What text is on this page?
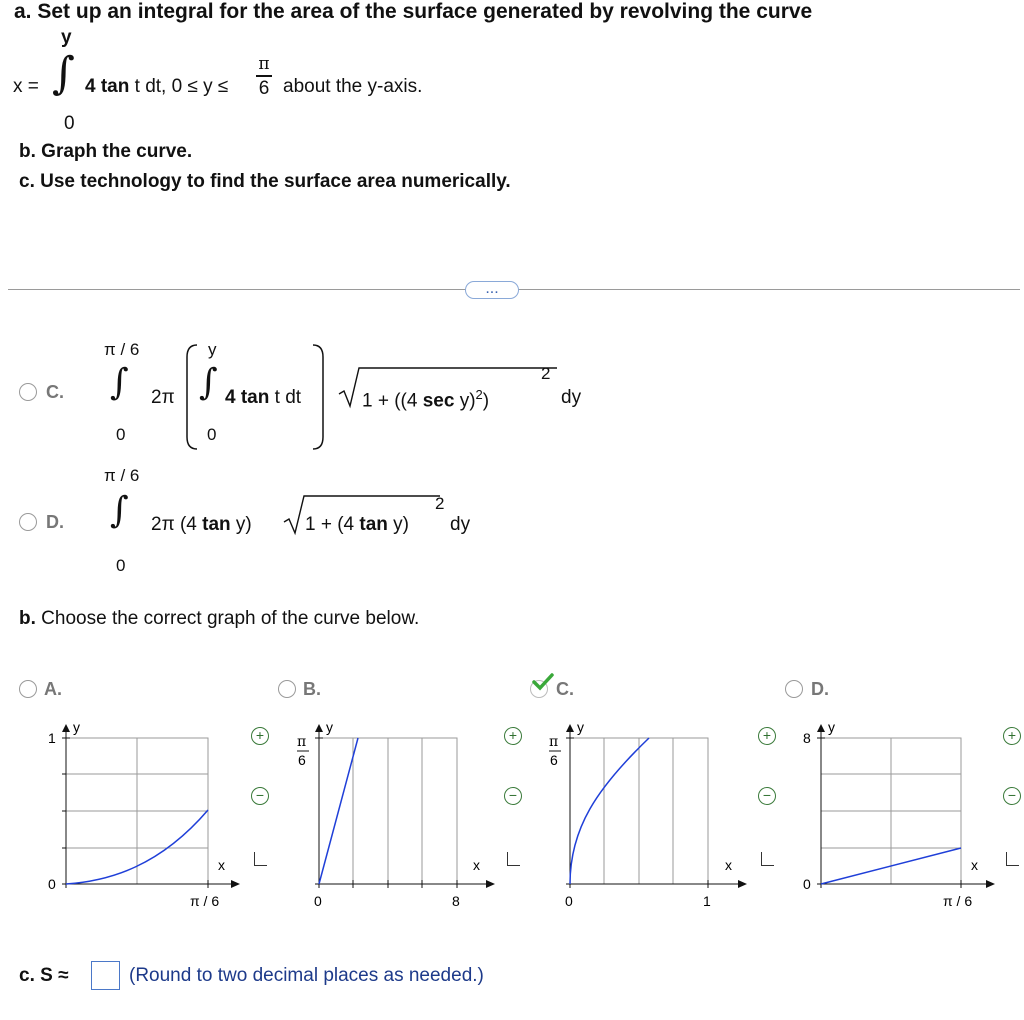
a. Set up an integral for the area of the surface generated by revolving the curve
y
x = ∫
0
4 tan t dt, 0 ≤ y ≤
π
6 about the y-axis.
b. Graph the curve.
c. Use technology to find the surface area numerically.
...
C.
π / 6
∫
0
2π
y
∫
0
4 tan t dt	1 + ((4 sec y)$^2$)
2
dy
D.
π / 6
∫
0
2π (4 tan y)	1 + (4 tan y)
2
dy
b. Choose the correct graph of the curve below.
A.
y
1
0
x
π / 6
+
−
B.
y
π
6
0
x
8
+
−
C.
y
π
6
0
x
1
+
−
D.
y
8
0
x
π / 6
+
−
c. S ≈	(Round to two decimal places as needed.)
